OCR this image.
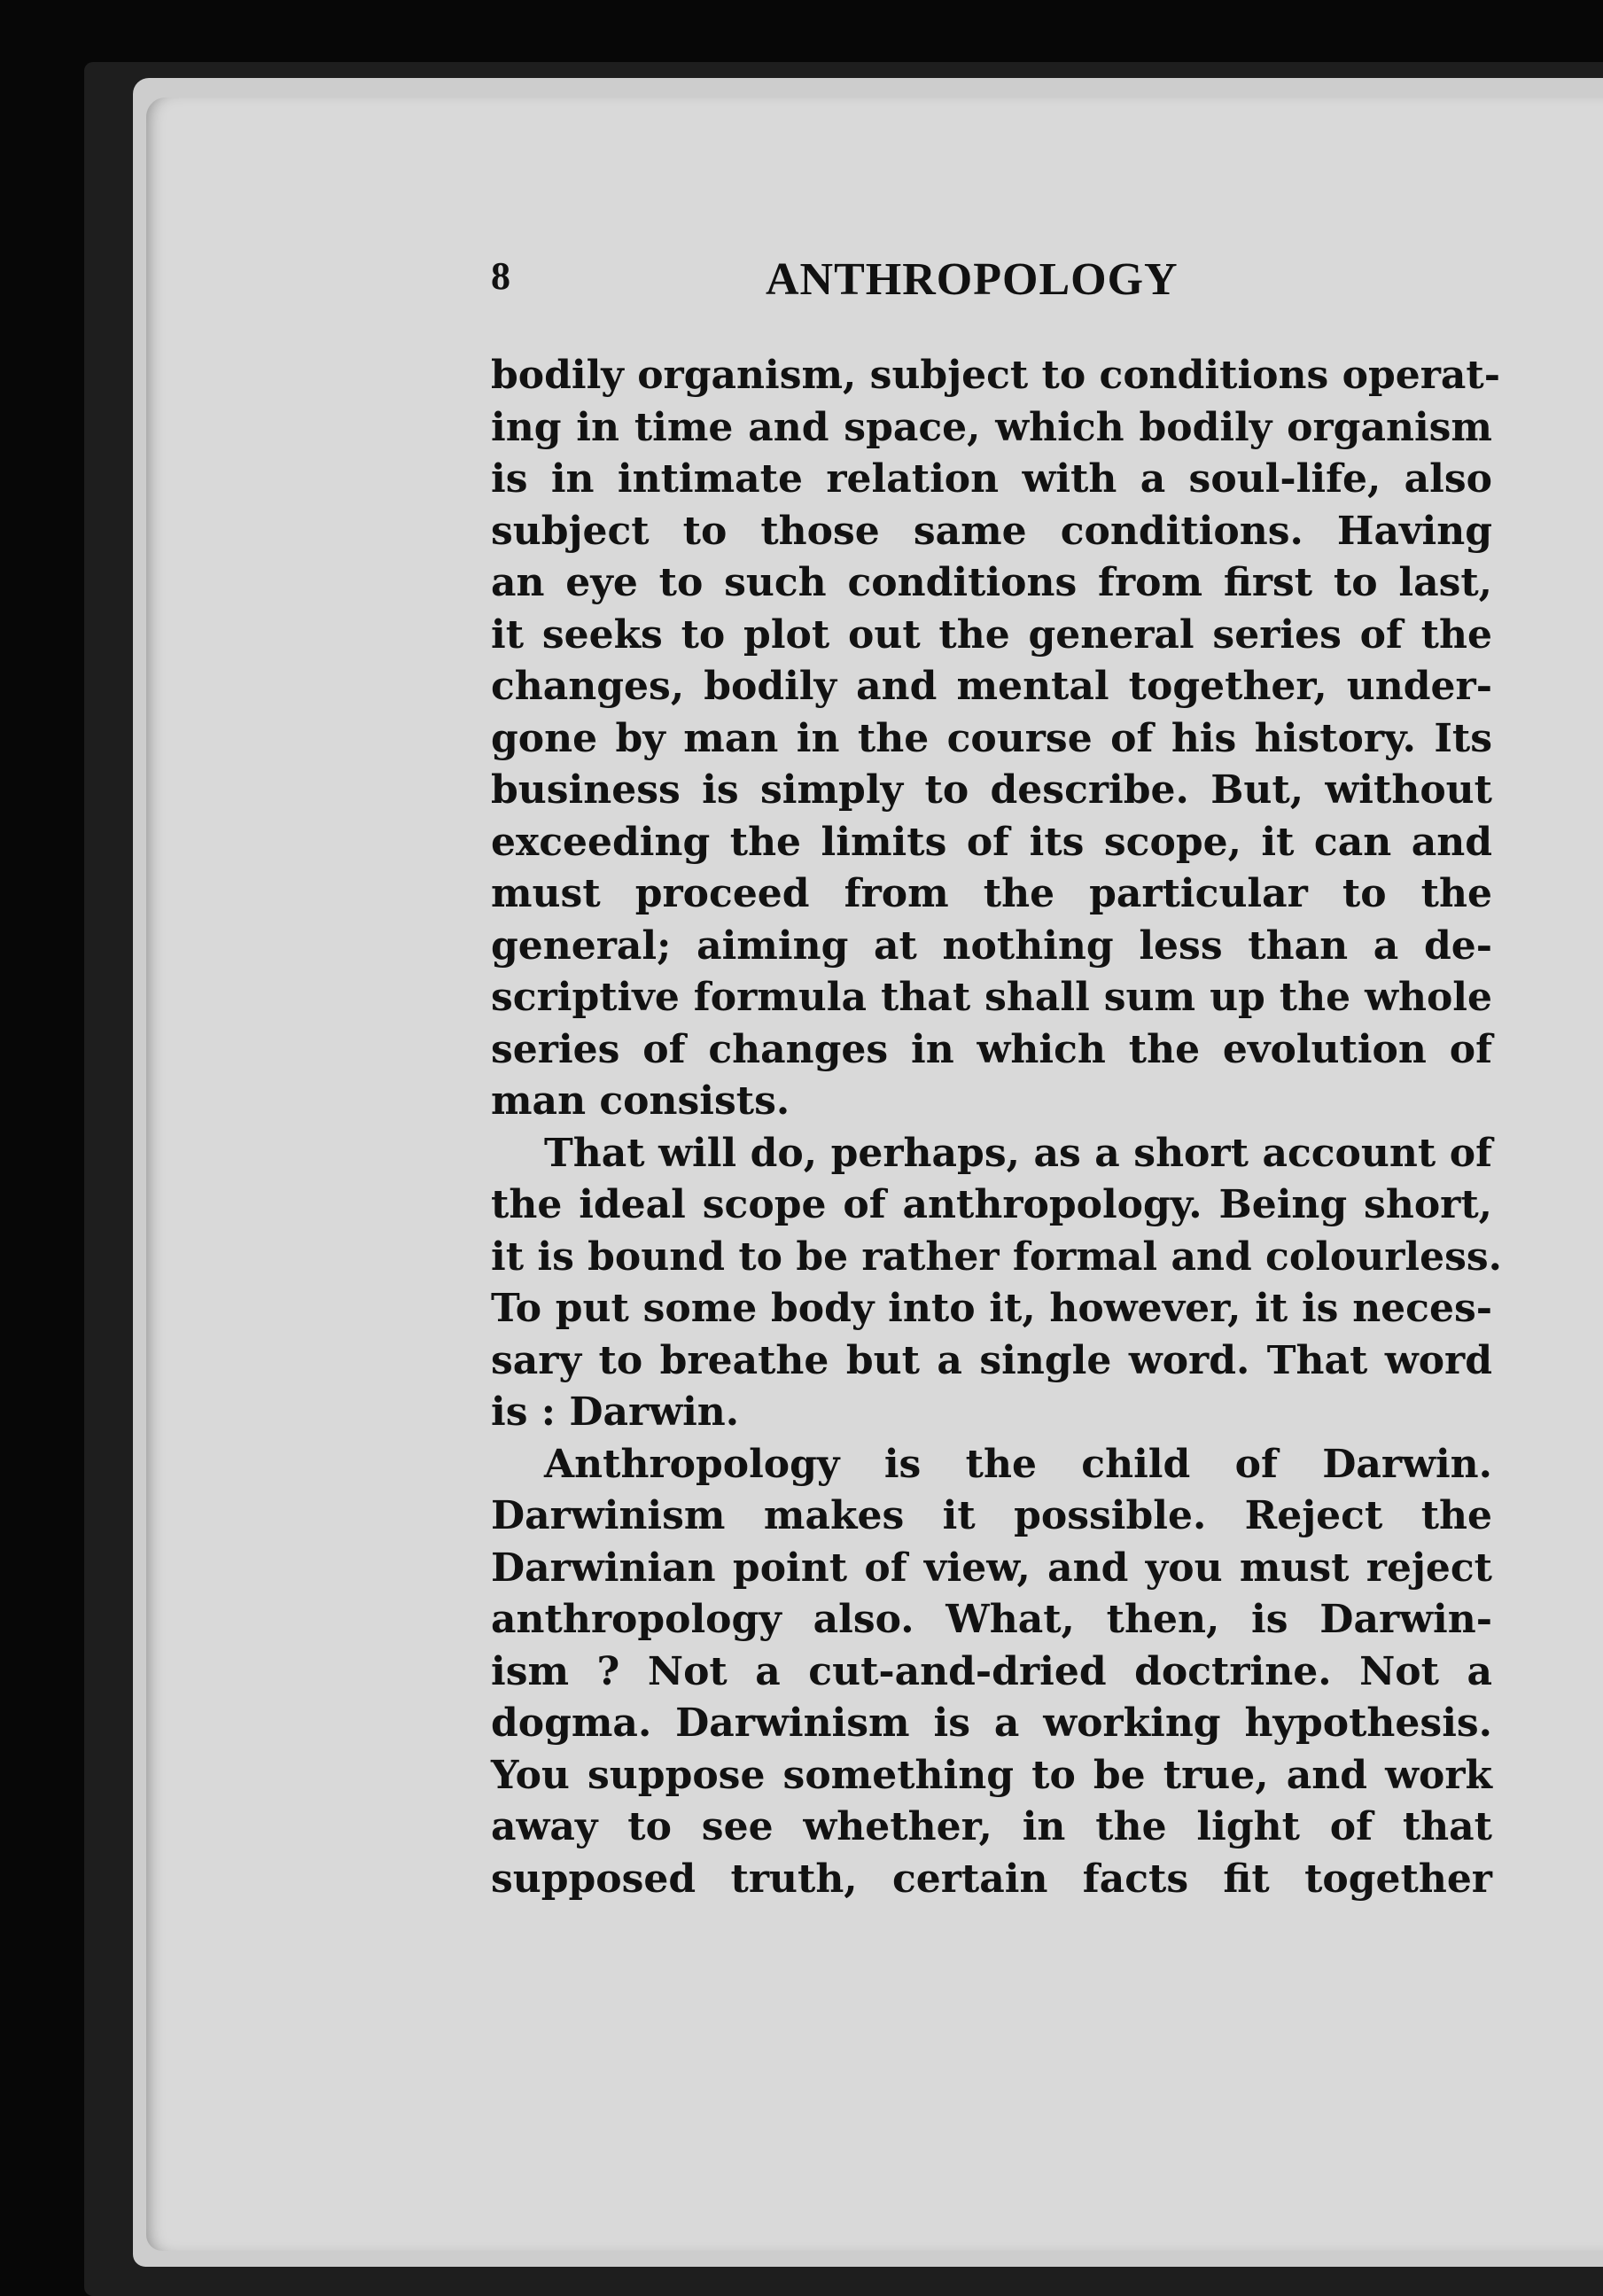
8	ANTHROPOLOGY
bodily organism, subject to conditions operat-
ing in time and space, which bodily organism
is in intimate relation with a soul-life, also
subject to those same conditions. Having
an eye to such conditions from first to last,
it seeks to plot out the general series of the
changes, bodily and mental together, under-
gone by man in the course of his history. Its
business is simply to describe. But, without
exceeding the limits of its scope, it can and
must proceed from the particular to the
general; aiming at nothing less than a de-
scriptive formula that shall sum up the whole
series of changes in which the evolution of
man consists.
That will do, perhaps, as a short account of
the ideal scope of anthropology. Being short,
it is bound to be rather formal and colourless.
To put some body into it, however, it is neces-
sary to breathe but a single word. That word
is : Darwin.
Anthropology is the child of Darwin.
Darwinism makes it possible. Reject the
Darwinian point of view, and you must reject
anthropology also. What, then, is Darwin-
ism ? Not a cut-and-dried doctrine. Not a
dogma. Darwinism is a working hypothesis.
You suppose something to be true, and work
away to see whether, in the light of that
supposed truth, certain facts fit together
